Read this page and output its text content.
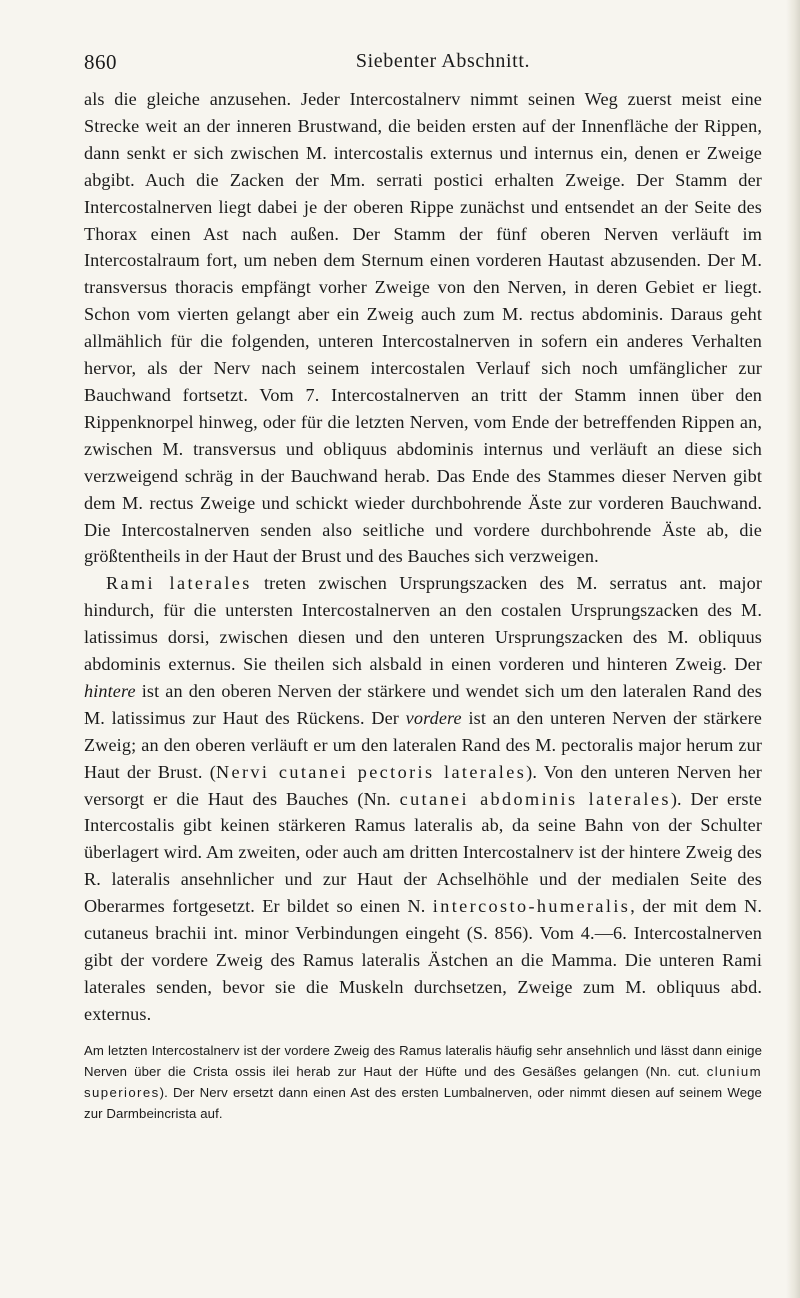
860	Siebenter Abschnitt.

als die gleiche anzusehen. Jeder Intercostalnerv nimmt seinen Weg zuerst meist eine Strecke weit an der inneren Brustwand, die beiden ersten auf der Innenfläche der Rippen, dann senkt er sich zwischen M. intercostalis externus und internus ein, denen er Zweige abgibt. Auch die Zacken der Mm. serrati postici erhalten Zweige. Der Stamm der Intercostalnerven liegt dabei je der oberen Rippe zunächst und entsendet an der Seite des Thorax einen Ast nach außen. Der Stamm der fünf oberen Nerven verläuft im Intercostalraum fort, um neben dem Sternum einen vorderen Hautast abzusenden. Der M. transversus thoracis empfängt vorher Zweige von den Nerven, in deren Gebiet er liegt. Schon vom vierten gelangt aber ein Zweig auch zum M. rectus abdominis. Daraus geht allmählich für die folgenden, unteren Intercostalnerven in sofern ein anderes Verhalten hervor, als der Nerv nach seinem intercostalen Verlauf sich noch umfänglicher zur Bauchwand fortsetzt. Vom 7. Intercostalnerven an tritt der Stamm innen über den Rippenknorpel hinweg, oder für die letzten Nerven, vom Ende der betreffenden Rippen an, zwischen M. transversus und obliquus abdominis internus und verläuft an diese sich verzweigend schräg in der Bauchwand herab. Das Ende des Stammes dieser Nerven gibt dem M. rectus Zweige und schickt wieder durchbohrende Äste zur vorderen Bauchwand. Die Intercostalnerven senden also seitliche und vordere durchbohrende Äste ab, die größtentheils in der Haut der Brust und des Bauches sich verzweigen.

Rami laterales treten zwischen Ursprungszacken des M. serratus ant. major hindurch, für die untersten Intercostalnerven an den costalen Ursprungszacken des M. latissimus dorsi, zwischen diesen und den unteren Ursprungszacken des M. obliquus abdominis externus. Sie theilen sich alsbald in einen vorderen und hinteren Zweig. Der hintere ist an den oberen Nerven der stärkere und wendet sich um den lateralen Rand des M. latissimus zur Haut des Rückens. Der vordere ist an den unteren Nerven der stärkere Zweig; an den oberen verläuft er um den lateralen Rand des M. pectoralis major herum zur Haut der Brust. (Nervi cutanei pectoris laterales). Von den unteren Nerven her versorgt er die Haut des Bauches (Nn. cutanei abdominis laterales). Der erste Intercostalis gibt keinen stärkeren Ramus lateralis ab, da seine Bahn von der Schulter überlagert wird. Am zweiten, oder auch am dritten Intercostalnerv ist der hintere Zweig des R. lateralis ansehnlicher und zur Haut der Achselhöhle und der medialen Seite des Oberarmes fortgesetzt. Er bildet so einen N. intercosto-humeralis, der mit dem N. cutaneus brachii int. minor Verbindungen eingeht (S. 856). Vom 4.—6. Intercostalnerven gibt der vordere Zweig des Ramus lateralis Ästchen an die Mamma. Die unteren Rami laterales senden, bevor sie die Muskeln durchsetzen, Zweige zum M. obliquus abd. externus.

Am letzten Intercostalnerv ist der vordere Zweig des Ramus lateralis häufig sehr ansehnlich und lässt dann einige Nerven über die Crista ossis ilei herab zur Haut der Hüfte und des Gesäßes gelangen (Nn. cut. clunium superiores). Der Nerv ersetzt dann einen Ast des ersten Lumbalnerven, oder nimmt diesen auf seinem Wege zur Darmbeincrista auf.
